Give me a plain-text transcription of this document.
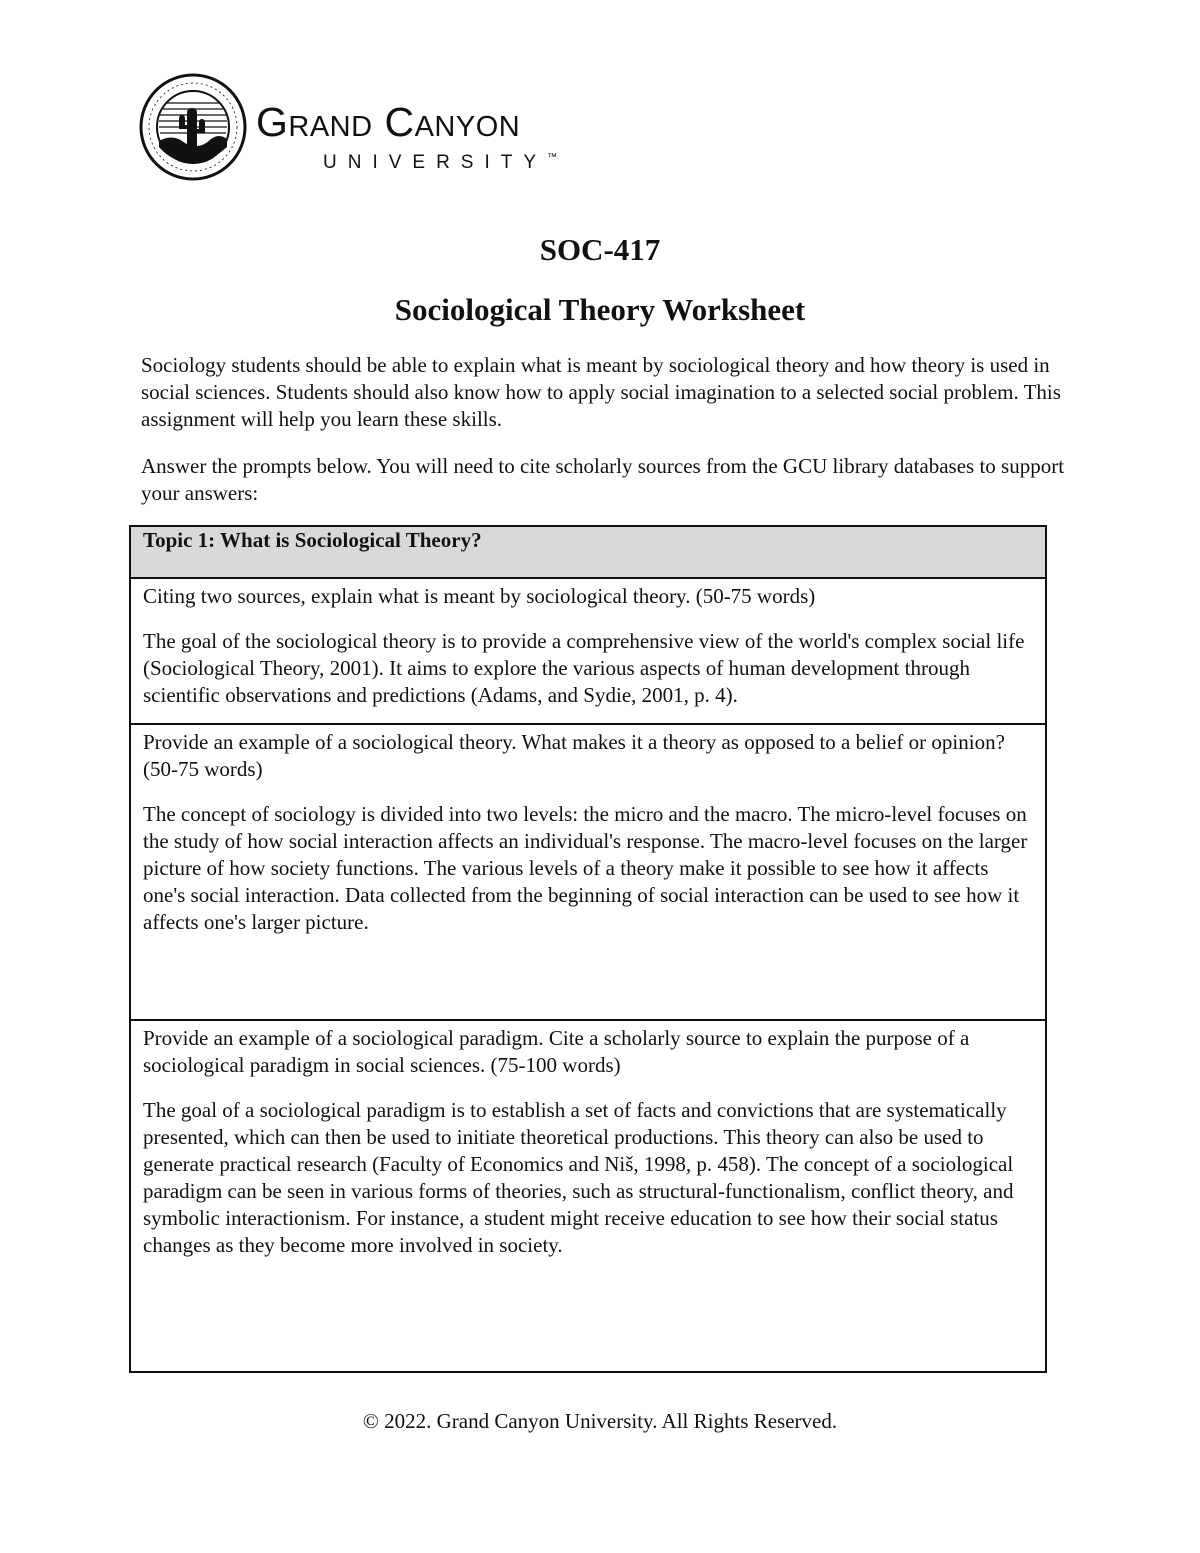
Grand Canyon
UNIVERSITY™
SOC-417
Sociological Theory Worksheet

Sociology students should be able to explain what is meant by sociological theory and how theory is used in social sciences. Students should also know how to apply social imagination to a selected social problem. This assignment will help you learn these skills.

Answer the prompts below. You will need to cite scholarly sources from the GCU library databases to support your answers:

Topic 1: What is Sociological Theory?

Citing two sources, explain what is meant by sociological theory. (50-75 words)

The goal of the sociological theory is to provide a comprehensive view of the world's complex social life (Sociological Theory, 2001). It aims to explore the various aspects of human development through scientific observations and predictions (Adams, and Sydie, 2001, p. 4).

Provide an example of a sociological theory. What makes it a theory as opposed to a belief or opinion? (50-75 words)

The concept of sociology is divided into two levels: the micro and the macro. The micro-level focuses on the study of how social interaction affects an individual's response. The macro-level focuses on the larger picture of how society functions. The various levels of a theory make it possible to see how it affects one's social interaction. Data collected from the beginning of social interaction can be used to see how it affects one's larger picture.

Provide an example of a sociological paradigm. Cite a scholarly source to explain the purpose of a sociological paradigm in social sciences. (75-100 words)

The goal of a sociological paradigm is to establish a set of facts and convictions that are systematically presented, which can then be used to initiate theoretical productions. This theory can also be used to generate practical research (Faculty of Economics and Niš, 1998, p. 458). The concept of a sociological paradigm can be seen in various forms of theories, such as structural-functionalism, conflict theory, and symbolic interactionism. For instance, a student might receive education to see how their social status changes as they become more involved in society.

© 2022. Grand Canyon University. All Rights Reserved.
